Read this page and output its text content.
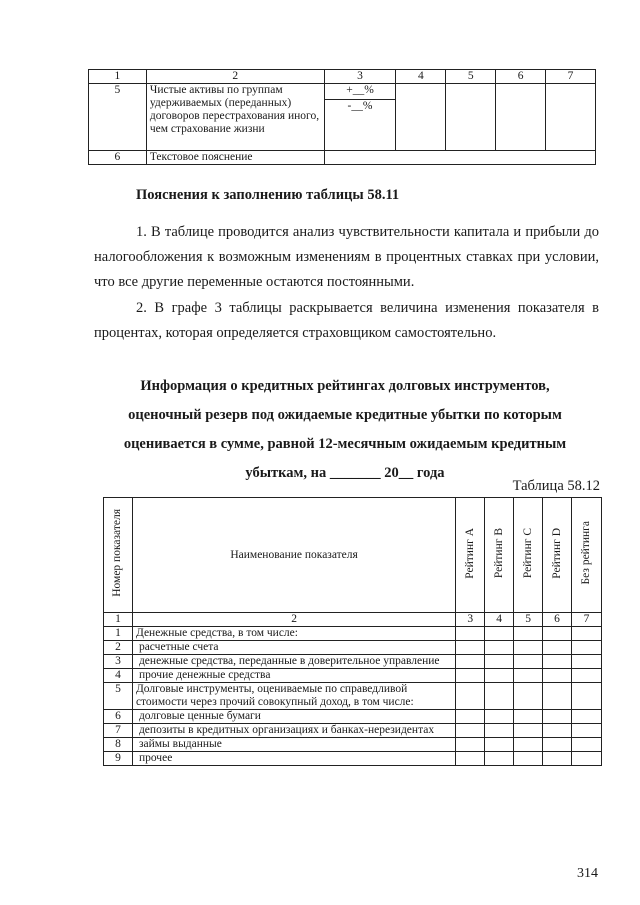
1	2	3	4	5	6	7
5	Чистые активы по группам удерживаемых (переданных) договоров перестрахования иного, чем страхование жизни	+__%				
		-__%				
6	Текстовое пояснение					
Пояснения к заполнению таблицы 58.11
1. В таблице проводится анализ чувствительности капитала и прибыли до налогообложения к возможным изменениям в процентных ставках при условии, что все другие переменные остаются постоянными.
2. В графе 3 таблицы раскрывается величина изменения показателя в процентах, которая определяется страховщиком самостоятельно.
Информация о кредитных рейтингах долговых инструментов,
оценочный резерв под ожидаемые кредитные убытки по которым
оценивается в сумме, равной 12-месячным ожидаемым кредитным
убыткам, на _______ 20__ года
Таблица 58.12
Номер показателя	Наименование показателя	Рейтинг A	Рейтинг B	Рейтинг C	Рейтинг D	Без рейтинга
1	2	3	4	5	6	7
1	Денежные средства, в том числе:					
2	расчетные счета					
3	денежные средства, переданные в доверительное управление					
4	прочие денежные средства					
5	Долговые инструменты, оцениваемые по справедливой стоимости через прочий совокупный доход, в том числе:					
6	долговые ценные бумаги					
7	депозиты в кредитных организациях и банках-нерезидентах					
8	займы выданные					
9	прочее					
314
